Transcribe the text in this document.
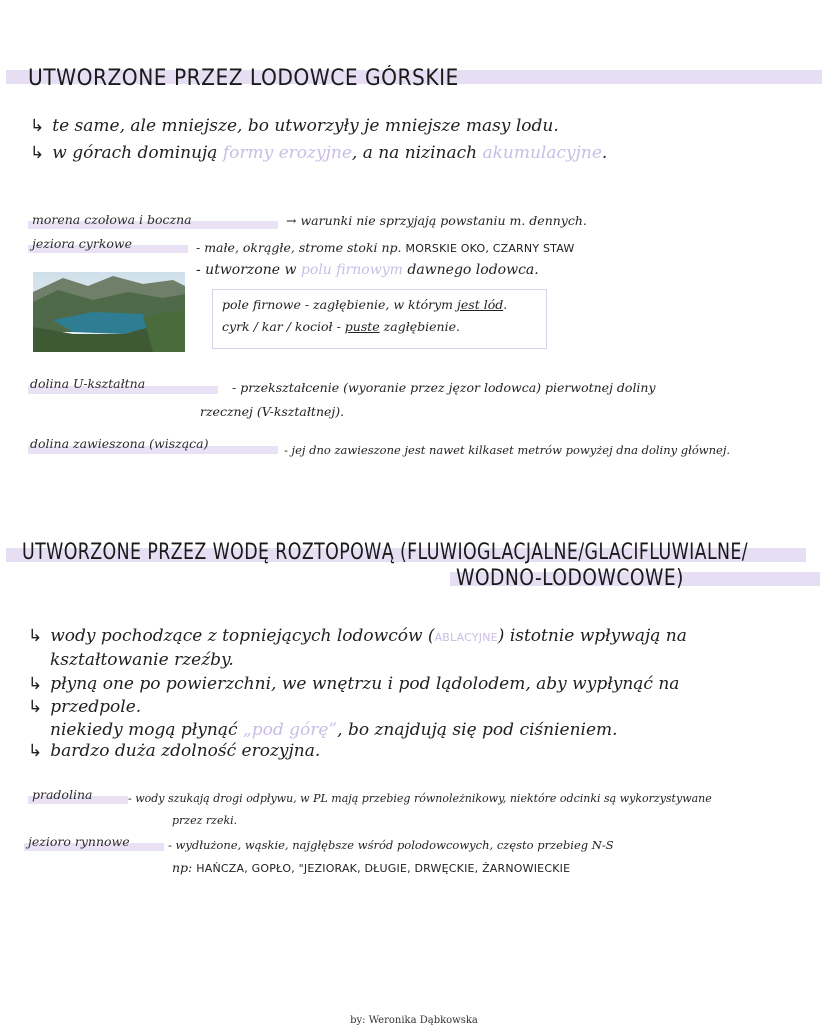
UTWORZONE PRZEZ LODOWCE GÓRSKIE
↳ te same, ale mniejsze, bo utworzyły je mniejsze masy lodu.
↳ w górach dominują formy erozyjne, a na nizinach akumulacyjne.
morena czołowa i boczna	→ warunki nie sprzyjają powstaniu m. dennych.
jeziora cyrkowe	- małe, okrągłe, strome stoki np. MORSKIE OKO, CZARNY STAW
- utworzone w polu firnowym dawnego lodowca.
pole firnowe - zagłębienie, w którym jest lód.
cyrk / kar / kocioł - puste zagłębienie.
dolina U-kształtna	- przekształcenie (wyoranie przez jęzor lodowca) pierwotnej doliny
rzecznej (V-kształtnej).
dolina zawieszona (wisząca)	- jej dno zawieszone jest nawet kilkaset metrów powyżej dna doliny głównej.
UTWORZONE PRZEZ WODĘ ROZTOPOWĄ (FLUWIOGLACJALNE/GLACIFLUWIALNE/
WODNO-LODOWCOWE)
↳ wody pochodzące z topniejących lodowców (ABLACYJNE) istotnie wpływają na
kształtowanie rzeźby.
↳ płyną one po powierzchni, we wnętrzu i pod lądolodem, aby wypłynąć na
↳ przedpole.
niekiedy mogą płynąć „pod górę”, bo znajdują się pod ciśnieniem.
↳ bardzo duża zdolność erozyjna.
pradolina	- wody szukają drogi odpływu, w PL mają przebieg równoleżnikowy, niektóre odcinki są wykorzystywane
przez rzeki.
jezioro rynnowe	- wydłużone, wąskie, najgłębsze wśród polodowcowych, często przebieg N-S
np: HAŃCZA, GOPŁO, "JEZIORAK, DŁUGIE, DRWĘCKIE, ŻARNOWIECKIE
by: Weronika Dąbkowska
